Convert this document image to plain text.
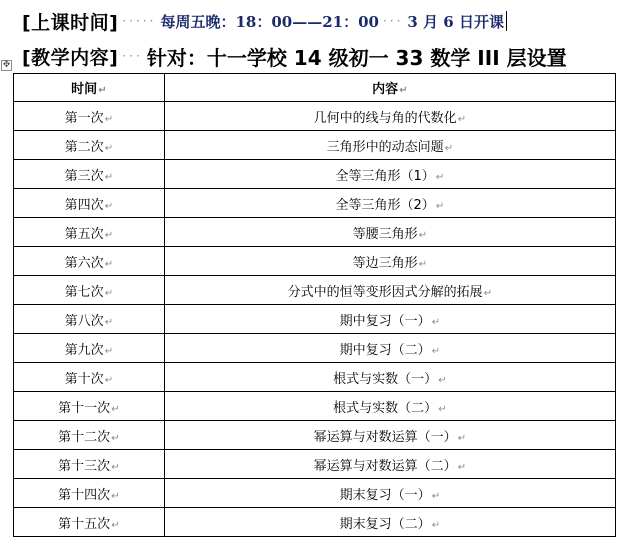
[上课时间] ····· 每周五晚：18：00——21：00 ··· 3 月 6 日开课
[教学内容] ··· 针对：十一学校 14 级初一 33 数学 III 层设置
✥
时间↵	内容↵
第一次↵	几何中的线与角的代数化↵
第二次↵	三角形中的动态问题↵
第三次↵	全等三角形（1）↵
第四次↵	全等三角形（2）↵
第五次↵	等腰三角形↵
第六次↵	等边三角形↵
第七次↵	分式中的恒等变形因式分解的拓展↵
第八次↵	期中复习（一）↵
第九次↵	期中复习（二）↵
第十次↵	根式与实数（一）↵
第十一次↵	根式与实数（二）↵
第十二次↵	幂运算与对数运算（一）↵
第十三次↵	幂运算与对数运算（二）↵
第十四次↵	期末复习（一）↵
第十五次↵	期末复习（二）↵
